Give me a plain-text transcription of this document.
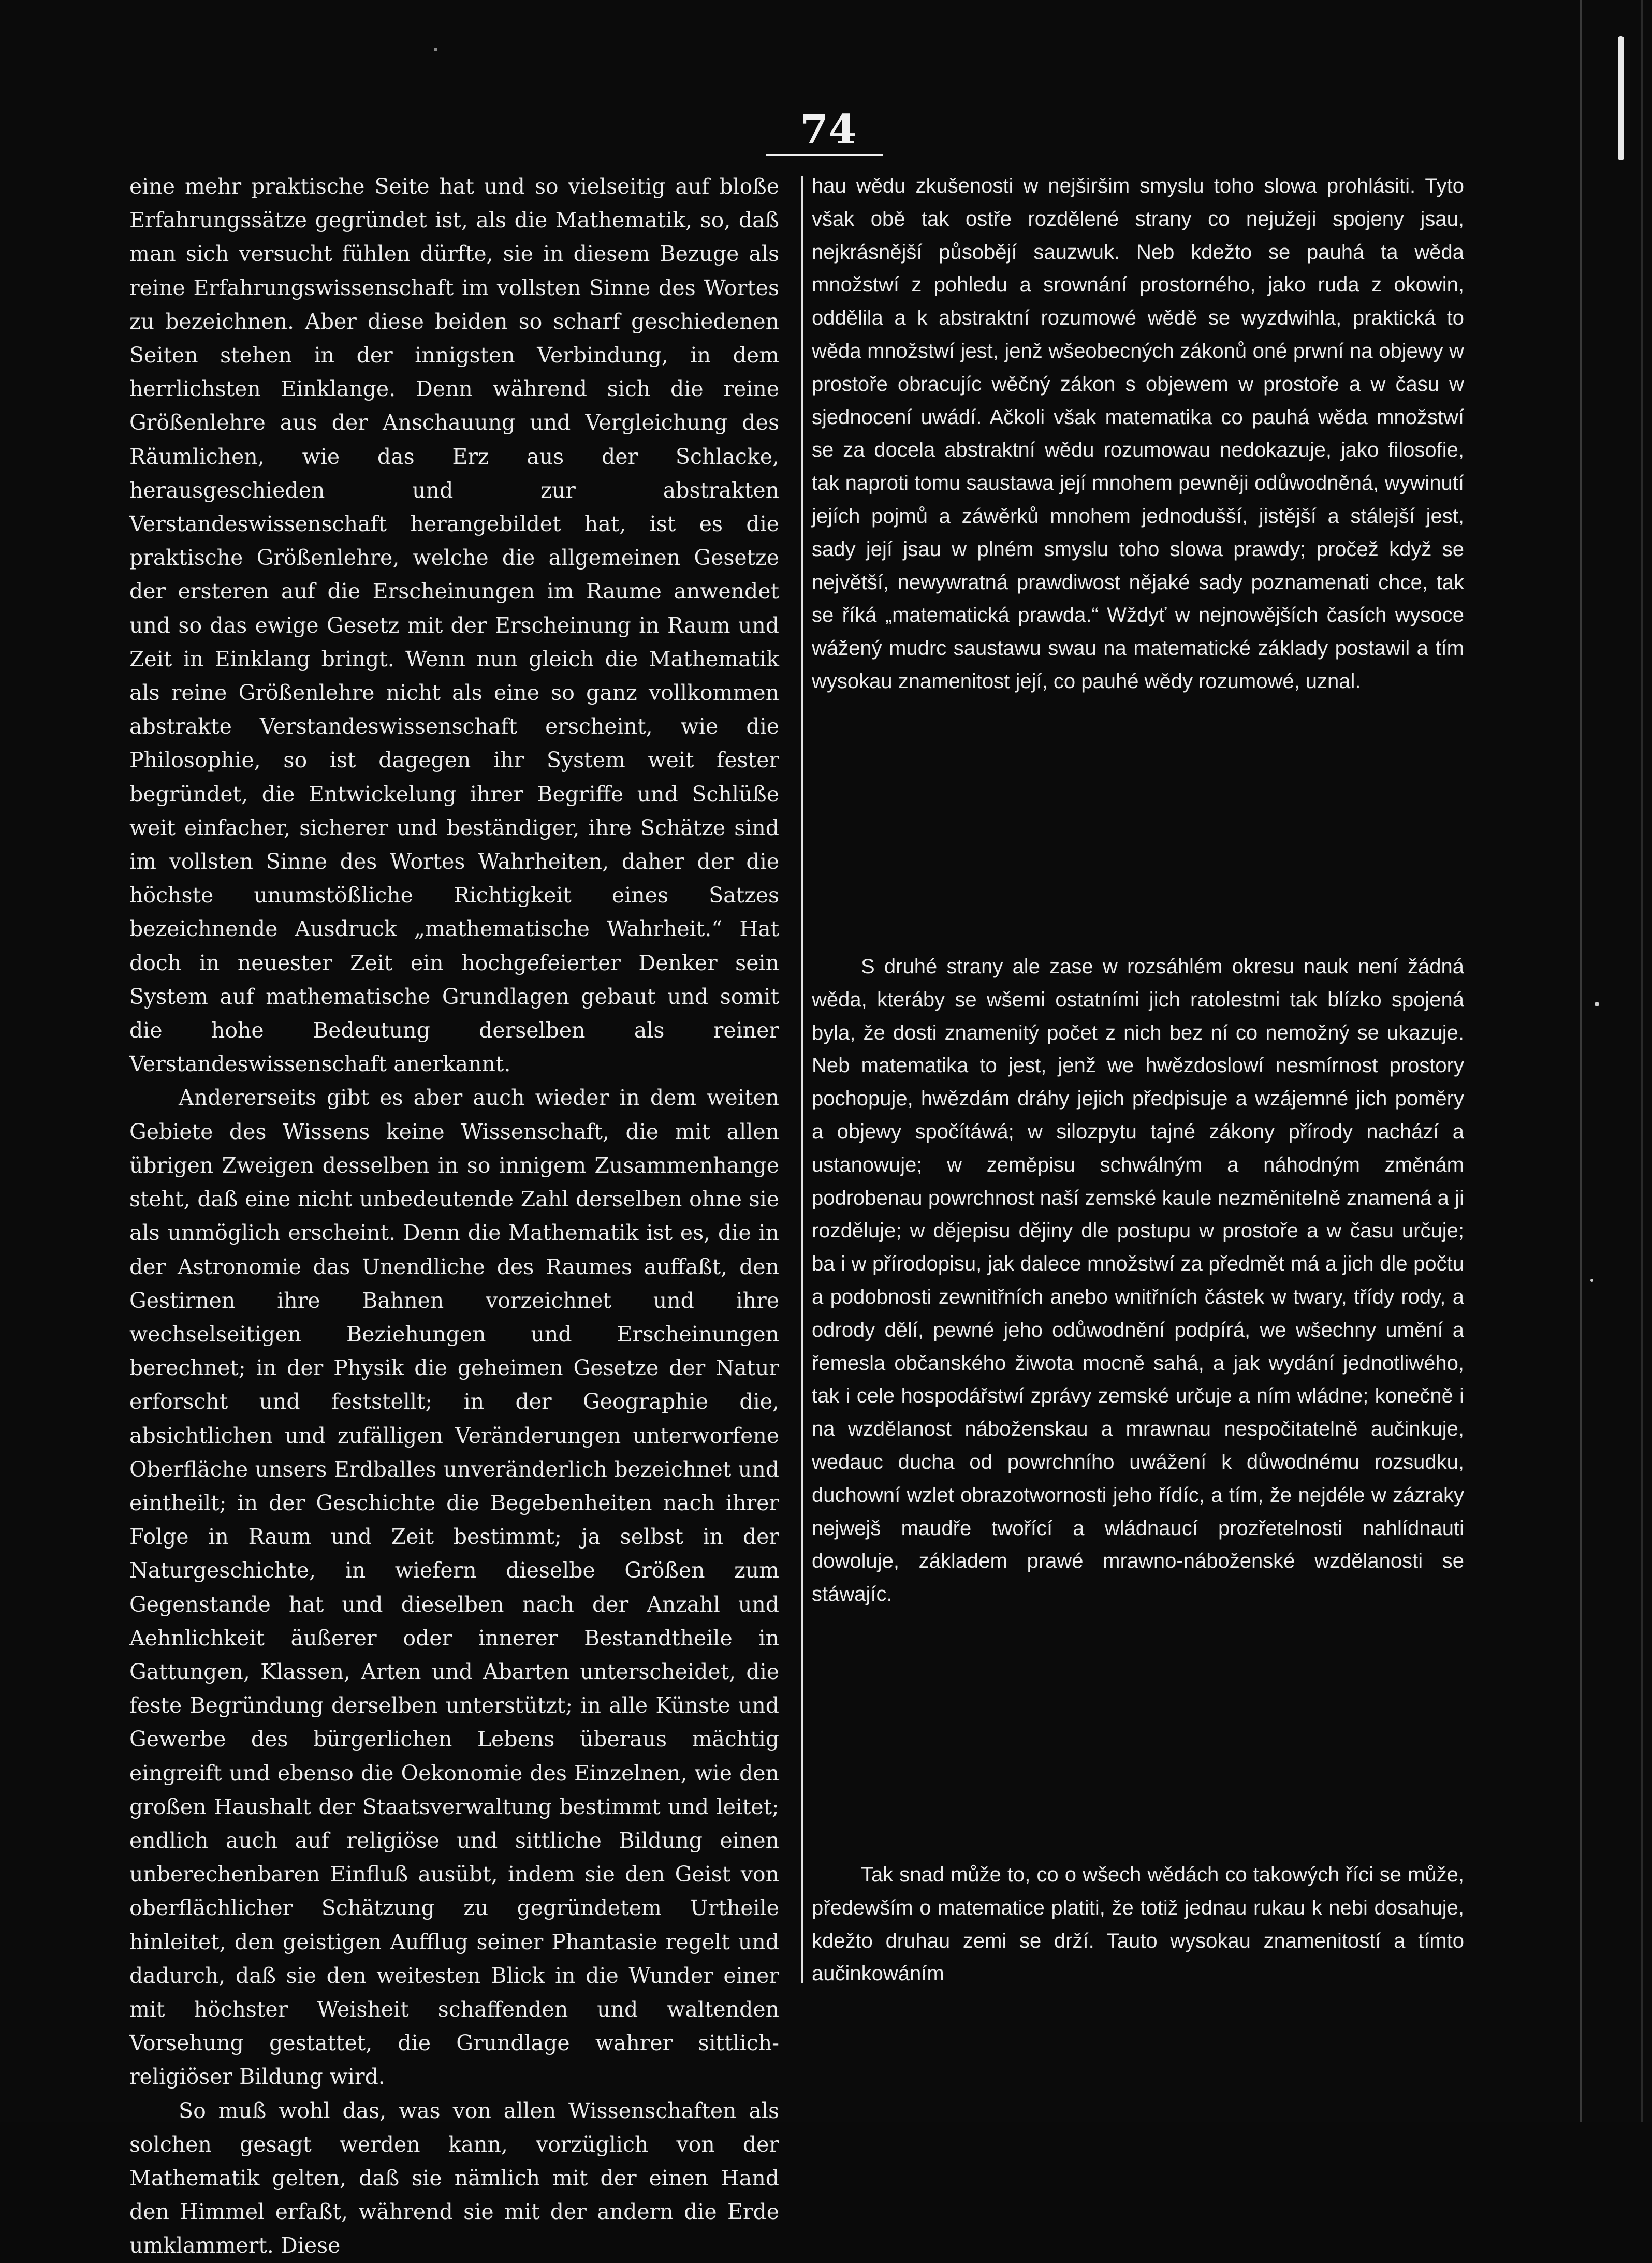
74

eine mehr praktische Seite hat und so vielseitig auf bloße Erfahrungssätze gegründet ist, als die Mathematik, so, daß man sich versucht fühlen dürfte, sie in diesem Bezuge als reine Erfahrungswissenschaft im vollsten Sinne des Wortes zu bezeichnen. Aber diese beiden so scharf geschiedenen Seiten stehen in der innigsten Verbindung, in dem herrlichsten Einklange. Denn während sich die reine Größenlehre aus der Anschauung und Vergleichung des Räumlichen, wie das Erz aus der Schlacke, herausgeschieden und zur abstrakten Verstandeswissenschaft herangebildet hat, ist es die praktische Größenlehre, welche die allgemeinen Gesetze der ersteren auf die Erscheinungen im Raume anwendet und so das ewige Gesetz mit der Erscheinung in Raum und Zeit in Einklang bringt. Wenn nun gleich die Mathematik als reine Größenlehre nicht als eine so ganz vollkommen abstrakte Verstandeswissenschaft erscheint, wie die Philosophie, so ist dagegen ihr System weit fester begründet, die Entwickelung ihrer Begriffe und Schlüße weit einfacher, sicherer und beständiger, ihre Schätze sind im vollsten Sinne des Wortes Wahrheiten, daher der die höchste unumstößliche Richtigkeit eines Satzes bezeichnende Ausdruck „mathematische Wahrheit.“ Hat doch in neuester Zeit ein hochgefeierter Denker sein System auf mathematische Grundlagen gebaut und somit die hohe Bedeutung derselben als reiner Verstandeswissenschaft anerkannt.

Andererseits gibt es aber auch wieder in dem weiten Gebiete des Wissens keine Wissenschaft, die mit allen übrigen Zweigen desselben in so innigem Zusammenhange steht, daß eine nicht unbedeutende Zahl derselben ohne sie als unmöglich erscheint. Denn die Mathematik ist es, die in der Astronomie das Unendliche des Raumes auffaßt, den Gestirnen ihre Bahnen vorzeichnet und ihre wechselseitigen Beziehungen und Erscheinungen berechnet; in der Physik die geheimen Gesetze der Natur erforscht und feststellt; in der Geographie die, absichtlichen und zufälligen Veränderungen unterworfene Oberfläche unsers Erdballes unveränderlich bezeichnet und eintheilt; in der Geschichte die Begebenheiten nach ihrer Folge in Raum und Zeit bestimmt; ja selbst in der Naturgeschichte, in wiefern dieselbe Größen zum Gegenstande hat und dieselben nach der Anzahl und Aehnlichkeit äußerer oder innerer Bestandtheile in Gattungen, Klassen, Arten und Abarten unterscheidet, die feste Begründung derselben unterstützt; in alle Künste und Gewerbe des bürgerlichen Lebens überaus mächtig eingreift und ebenso die Oekonomie des Einzelnen, wie den großen Haushalt der Staatsverwaltung bestimmt und leitet; endlich auch auf religiöse und sittliche Bildung einen unberechenbaren Einfluß ausübt, indem sie den Geist von oberflächlicher Schätzung zu gegründetem Urtheile hinleitet, den geistigen Aufflug seiner Phantasie regelt und dadurch, daß sie den weitesten Blick in die Wunder einer mit höchster Weisheit schaffenden und waltenden Vorsehung gestattet, die Grundlage wahrer sittlich-religiöser Bildung wird.

So muß wohl das, was von allen Wissenschaften als solchen gesagt werden kann, vorzüglich von der Mathematik gelten, daß sie nämlich mit der einen Hand den Himmel erfaßt, während sie mit der andern die Erde umklammert. Diese

hau wědu zkušenosti w nejširšim smyslu toho slowa prohlásiti. Tyto však obě tak ostře rozdělené strany co nejužeji spojeny jsau, nejkrásnější působějí sauzwuk. Neb kdežto se pauhá ta wěda množstwí z pohledu a srownání prostorného, jako ruda z okowin, oddělila a k abstraktní rozumowé wědě se wyzdwihla, praktická to wěda množstwí jest, jenž wšeobecných zákonů oné prwní na objewy w prostoře obracujíc wěčný zákon s objewem w prostoře a w času w sjednocení uwádí. Ačkoli však matematika co pauhá wěda množstwí se za docela abstraktní wědu rozumowau nedokazuje, jako filosofie, tak naproti tomu saustawa její mnohem pewněji odůwodněná, wywinutí jejích pojmů a záwěrků mnohem jednodušší, jistější a stálejší jest, sady její jsau w plném smyslu toho slowa prawdy; pročež když se největší, newywratná prawdiwost nějaké sady poznamenati chce, tak se říká „matematická prawda.“ Wždyť w nejnowějších časích wysoce wážený mudrc saustawu swau na matematické základy postawil a tím wysokau znamenitost její, co pauhé wědy rozumowé, uznal.

S druhé strany ale zase w rozsáhlém okresu nauk není žádná wěda, kteráby se wšemi ostatními jich ratolestmi tak blízko spojená byla, že dosti znamenitý počet z nich bez ní co nemožný se ukazuje. Neb matematika to jest, jenž we hwězdoslowí nesmírnost prostory pochopuje, hwězdám dráhy jejich předpisuje a wzájemné jich poměry a objewy spočítáwá; w silozpytu tajné zákony přírody nachází a ustanowuje; w zeměpisu schwálným a náhodným změnám podrobenau powrchnost naší zemské kaule nezměnitelně znamená a ji rozděluje; w dějepisu dějiny dle postupu w prostoře a w času určuje; ba i w přírodopisu, jak dalece množstwí za předmět má a jich dle počtu a podobnosti zewnitřních anebo wnitřních částek w twary, třídy rody, a odrody dělí, pewné jeho odůwodnění podpírá, we wšechny umění a řemesla občanského žiwota mocně sahá, a jak wydání jednotliwého, tak i cele hospodářstwí zprávy zemské určuje a ním wládne; konečně i na wzdělanost náboženskau a mrawnau nespočitatelně aučinkuje, wedauc ducha od powrchního uwážení k důwodnému rozsudku, duchowní wzlet obrazotwornosti jeho řídíc, a tím, že nejdéle w zázraky nejwejš maudře twořící a wládnaucí prozřetelnosti nahlídnauti dowoluje, základem prawé mrawno-náboženské wzdělanosti se stáwajíc.

Tak snad může to, co o wšech wědách co takowých říci se může, předewším o matematice platiti, že totiž jednau rukau k nebi dosahuje, kdežto druhau zemi se drží. Tauto wysokau znamenitostí a tímto aučinkowáním
